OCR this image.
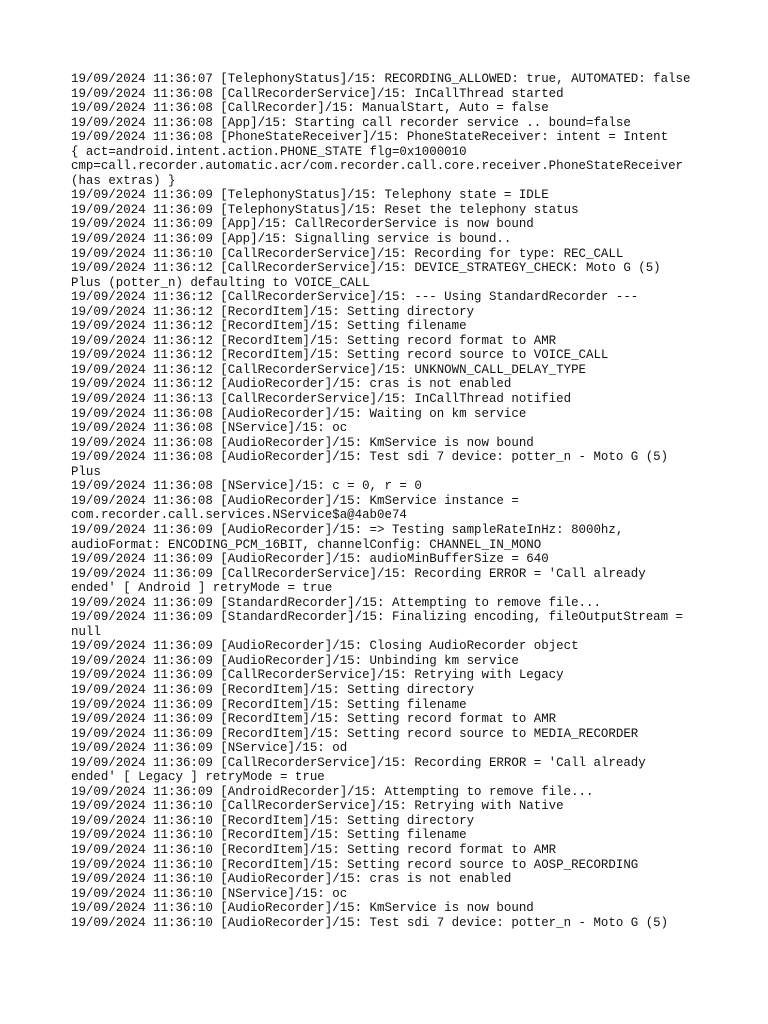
19/09/2024 11:36:07 [TelephonyStatus]/15: RECORDING_ALLOWED: true, AUTOMATED: false
19/09/2024 11:36:08 [CallRecorderService]/15: InCallThread started
19/09/2024 11:36:08 [CallRecorder]/15: ManualStart, Auto = false
19/09/2024 11:36:08 [App]/15: Starting call recorder service .. bound=false
19/09/2024 11:36:08 [PhoneStateReceiver]/15: PhoneStateReceiver: intent = Intent
{ act=android.intent.action.PHONE_STATE flg=0x1000010
cmp=call.recorder.automatic.acr/com.recorder.call.core.receiver.PhoneStateReceiver
(has extras) }
19/09/2024 11:36:09 [TelephonyStatus]/15: Telephony state = IDLE
19/09/2024 11:36:09 [TelephonyStatus]/15: Reset the telephony status
19/09/2024 11:36:09 [App]/15: CallRecorderService is now bound
19/09/2024 11:36:09 [App]/15: Signalling service is bound..
19/09/2024 11:36:10 [CallRecorderService]/15: Recording for type: REC_CALL
19/09/2024 11:36:12 [CallRecorderService]/15: DEVICE_STRATEGY_CHECK: Moto G (5)
Plus (potter_n) defaulting to VOICE_CALL
19/09/2024 11:36:12 [CallRecorderService]/15: --- Using StandardRecorder ---
19/09/2024 11:36:12 [RecordItem]/15: Setting directory
19/09/2024 11:36:12 [RecordItem]/15: Setting filename
19/09/2024 11:36:12 [RecordItem]/15: Setting record format to AMR
19/09/2024 11:36:12 [RecordItem]/15: Setting record source to VOICE_CALL
19/09/2024 11:36:12 [CallRecorderService]/15: UNKNOWN_CALL_DELAY_TYPE
19/09/2024 11:36:12 [AudioRecorder]/15: cras is not enabled
19/09/2024 11:36:13 [CallRecorderService]/15: InCallThread notified
19/09/2024 11:36:08 [AudioRecorder]/15: Waiting on km service
19/09/2024 11:36:08 [NService]/15: oc
19/09/2024 11:36:08 [AudioRecorder]/15: KmService is now bound
19/09/2024 11:36:08 [AudioRecorder]/15: Test sdi 7 device: potter_n - Moto G (5)
Plus
19/09/2024 11:36:08 [NService]/15: c = 0, r = 0
19/09/2024 11:36:08 [AudioRecorder]/15: KmService instance =
com.recorder.call.services.NService$a@4ab0e74
19/09/2024 11:36:09 [AudioRecorder]/15: => Testing sampleRateInHz: 8000hz,
audioFormat: ENCODING_PCM_16BIT, channelConfig: CHANNEL_IN_MONO
19/09/2024 11:36:09 [AudioRecorder]/15: audioMinBufferSize = 640
19/09/2024 11:36:09 [CallRecorderService]/15: Recording ERROR = 'Call already
ended' [ Android ] retryMode = true
19/09/2024 11:36:09 [StandardRecorder]/15: Attempting to remove file...
19/09/2024 11:36:09 [StandardRecorder]/15: Finalizing encoding, fileOutputStream =
null
19/09/2024 11:36:09 [AudioRecorder]/15: Closing AudioRecorder object
19/09/2024 11:36:09 [AudioRecorder]/15: Unbinding km service
19/09/2024 11:36:09 [CallRecorderService]/15: Retrying with Legacy
19/09/2024 11:36:09 [RecordItem]/15: Setting directory
19/09/2024 11:36:09 [RecordItem]/15: Setting filename
19/09/2024 11:36:09 [RecordItem]/15: Setting record format to AMR
19/09/2024 11:36:09 [RecordItem]/15: Setting record source to MEDIA_RECORDER
19/09/2024 11:36:09 [NService]/15: od
19/09/2024 11:36:09 [CallRecorderService]/15: Recording ERROR = 'Call already
ended' [ Legacy ] retryMode = true
19/09/2024 11:36:09 [AndroidRecorder]/15: Attempting to remove file...
19/09/2024 11:36:10 [CallRecorderService]/15: Retrying with Native
19/09/2024 11:36:10 [RecordItem]/15: Setting directory
19/09/2024 11:36:10 [RecordItem]/15: Setting filename
19/09/2024 11:36:10 [RecordItem]/15: Setting record format to AMR
19/09/2024 11:36:10 [RecordItem]/15: Setting record source to AOSP_RECORDING
19/09/2024 11:36:10 [AudioRecorder]/15: cras is not enabled
19/09/2024 11:36:10 [NService]/15: oc
19/09/2024 11:36:10 [AudioRecorder]/15: KmService is now bound
19/09/2024 11:36:10 [AudioRecorder]/15: Test sdi 7 device: potter_n - Moto G (5)
